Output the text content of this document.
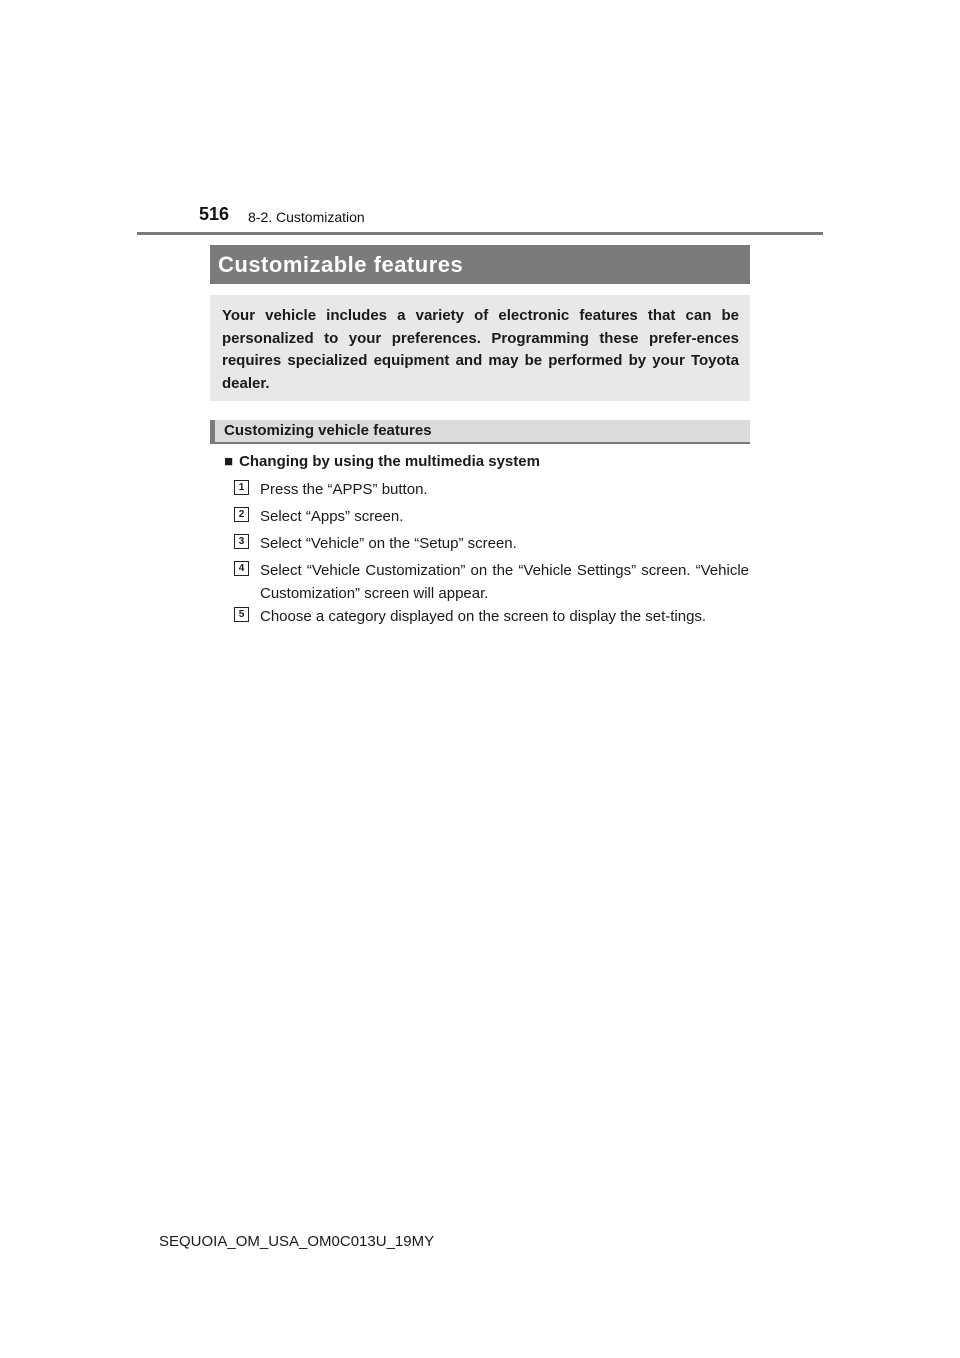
516 8-2. Customization
Customizable features

Your vehicle includes a variety of electronic features that can be personalized to your preferences. Programming these prefer-ences requires specialized equipment and may be performed by your Toyota dealer.

Customizing vehicle features
■ Changing by using the multimedia system
1	Press the “APPS” button.
2	Select “Apps” screen.
3	Select “Vehicle” on the “Setup” screen.
4	Select “Vehicle Customization” on the “Vehicle Settings” screen. “Vehicle Customization” screen will appear.
5	Choose a category displayed on the screen to display the set-tings.
SEQUOIA_OM_USA_OM0C013U_19MY
